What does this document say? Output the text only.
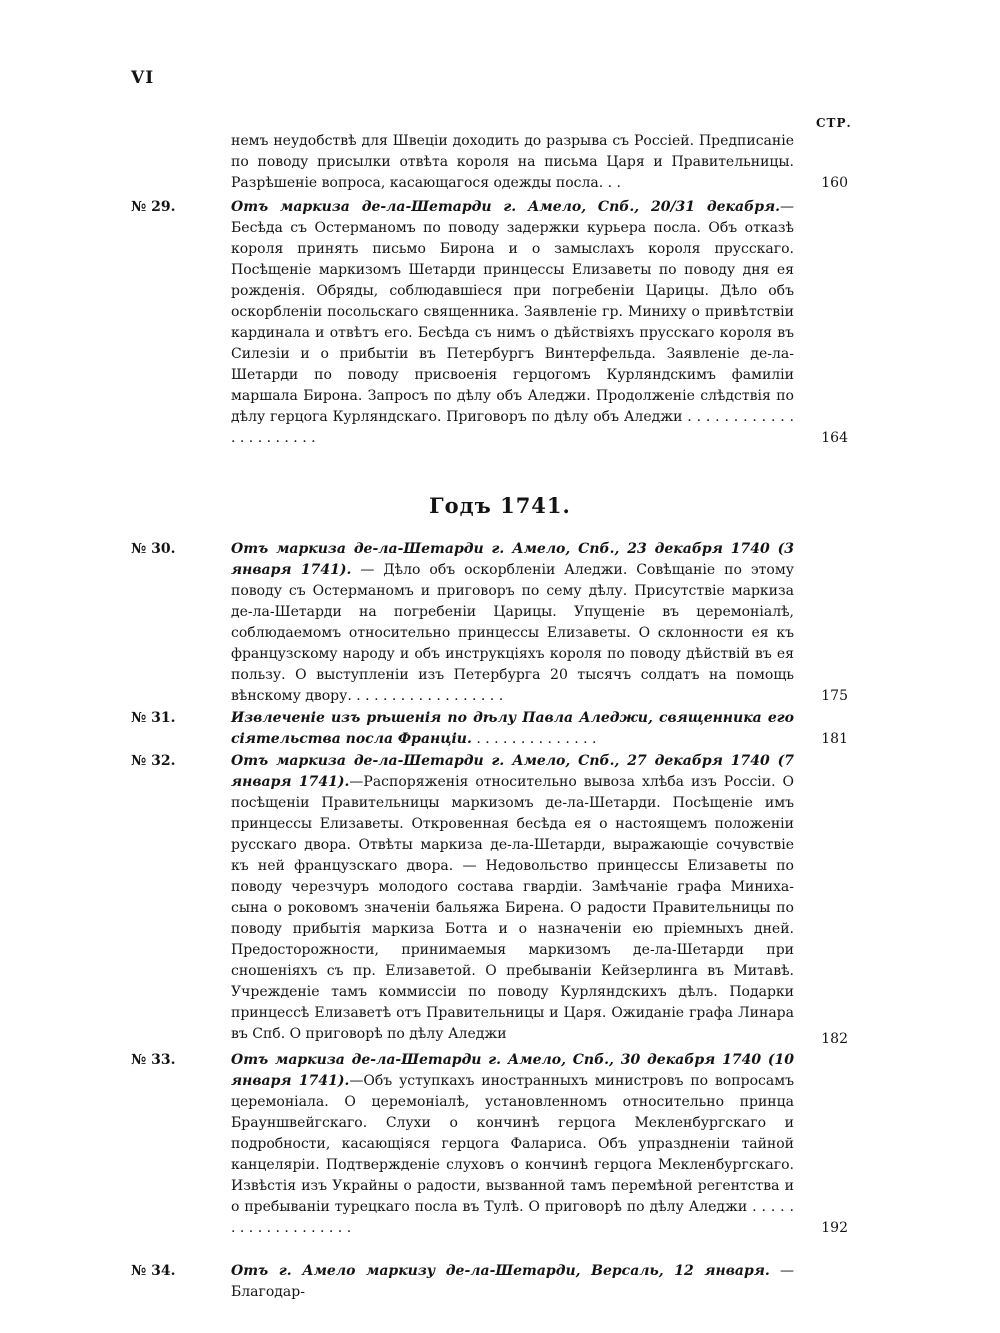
VI
СТР.
немъ неудобствѣ для Швеціи доходить до разрыва съ Россіей. Предписаніе по поводу присылки отвѣта короля на письма Царя и Правительницы. Разрѣшеніе вопроса, касающагося одежды посла. . .	160
№ 29.	Отъ маркиза де-ла-Шетарди г. Амело, Спб., 20/31 декабря.—Бесѣда съ Остерманомъ по поводу задержки курьера посла. Объ отказѣ короля принять письмо Бирона и о замыслахъ короля прусскаго. Посѣщеніе маркизомъ Шетарди принцессы Елизаветы по поводу дня ея рожденія. Обряды, соблюдавшіеся при погребеніи Царицы. Дѣло объ оскорбленіи посольскаго священника. Заявленіе гр. Миниху о привѣтствіи кардинала и отвѣтъ его. Бесѣда съ нимъ о дѣйствіяхъ прусскаго короля въ Силезіи и о прибытіи въ Петербургъ Винтерфельда. Заявленіе де-ла-Шетарди по поводу присвоенія герцогомъ Курляндскимъ фамиліи маршала Бирона. Запросъ по дѣлу объ Аледжи. Продолженіе слѣдствія по дѣлу герцога Курляндскаго. Приговоръ по дѣлу объ Аледжи . . . . . . . . . . . . . . . . . . . . . .	164
Годъ 1741.
№ 30.	Отъ маркиза де-ла-Шетарди г. Амело, Спб., 23 декабря 1740 (3 января 1741). — Дѣло объ оскорбленіи Аледжи. Совѣщаніе по этому поводу съ Остерманомъ и приговоръ по сему дѣлу. Присутствіе маркиза де-ла-Шетарди на погребеніи Царицы. Упущеніе въ церемоніалѣ, соблюдаемомъ относительно принцессы Елизаветы. О склонности ея къ французскому народу и объ инструкціяхъ короля по поводу дѣйствій въ ея пользу. О выступленіи изъ Петербурга 20 тысячъ солдатъ на помощь вѣнскому двору. . . . . . . . . . . . . . . . . .	175
№ 31.	Извлеченіе изъ рѣшенія по дѣлу Павла Аледжи, священника его сіятельства посла Франціи. . . . . . . . . . . . . . .	181
№ 32.	Отъ маркиза де-ла-Шетарди г. Амело, Спб., 27 декабря 1740 (7 января 1741).—Распоряженія относительно вывоза хлѣба изъ Россіи. О посѣщеніи Правительницы маркизомъ де-ла-Шетарди. Посѣщеніе имъ принцессы Елизаветы. Откровенная бесѣда ея о настоящемъ положеніи русскаго двора. Отвѣты маркиза де-ла-Шетарди, выражающіе сочувствіе къ ней французскаго двора. — Недовольство принцессы Елизаветы по поводу черезчуръ молодого состава гвардіи. Замѣчаніе графа Миниха-сына о роковомъ значеніи бальяжа Бирена. О радости Правительницы по поводу прибытія маркиза Ботта и о назначеніи ею пріемныхъ дней. Предосторожности, принимаемыя маркизомъ де-ла-Шетарди при сношеніяхъ съ пр. Елизаветой. О пребываніи Кейзерлинга въ Митавѣ. Учрежденіе тамъ коммиссіи по поводу Курляндскихъ дѣлъ. Подарки принцессѣ Елизаветѣ отъ Правительницы и Царя. Ожиданіе графа Линара въ Спб. О приговорѣ по дѣлу Аледжи	182
№ 33.	Отъ маркиза де-ла-Шетарди г. Амело, Спб., 30 декабря 1740 (10 января 1741).—Объ уступкахъ иностранныхъ министровъ по вопросамъ церемоніала. О церемоніалѣ, установленномъ относительно принца Брауншвейгскаго. Слухи о кончинѣ герцога Мекленбургскаго и подробности, касающіяся герцога Фалариса. Объ упраздненіи тайной канцеляріи. Подтвержденіе слуховъ о кончинѣ герцога Мекленбургскаго. Извѣстія изъ Украйны о радости, вызванной тамъ перемѣной регентства и о пребываніи турецкаго посла въ Тулѣ. О приговорѣ по дѣлу Аледжи . . . . . . . . . . . . . . . . . . .	192
№ 34.	Отъ г. Амело маркизу де-ла-Шетарди, Версаль, 12 января. — Благодар-
